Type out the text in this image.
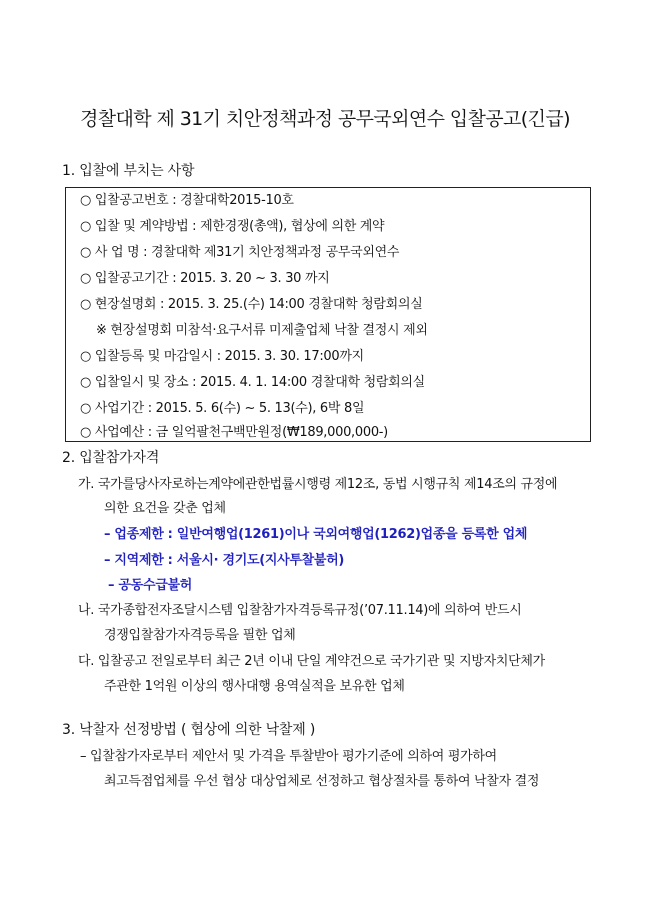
경찰대학 제 31기 치안정책과정 공무국외연수 입찰공고(긴급)
1. 입찰에 부치는 사항
○ 입찰공고번호 : 경찰대학2015-10호
○ 입찰 및 계약방법 : 제한경쟁(총액), 협상에 의한 계약
○ 사 업 명 : 경찰대학 제31기 치안정책과정 공무국외연수
○ 입찰공고기간 : 2015. 3. 20 ~ 3. 30 까지
○ 현장설명회 : 2015. 3. 25.(수) 14:00 경찰대학 청람회의실
※ 현장설명회 미참석·요구서류 미제출업체 낙찰 결정시 제외
○ 입찰등록 및 마감일시 : 2015. 3. 30. 17:00까지
○ 입찰일시 및 장소 : 2015. 4. 1. 14:00 경찰대학 청람회의실
○ 사업기간 : 2015. 5. 6(수) ~ 5. 13(수), 6박 8일
○ 사업예산 : 금 일억팔천구백만원정(₩189,000,000-)
2. 입찰참가자격
가. 국가를당사자로하는계약에관한법률시행령 제12조, 동법 시행규칙 제14조의 규정에
의한 요건을 갖춘 업체
– 업종제한 : 일반여행업(1261)이나 국외여행업(1262)업종을 등록한 업체
– 지역제한 : 서울시· 경기도(지사투찰불허)
– 공동수급불허
나. 국가종합전자조달시스템 입찰참가자격등록규정(’07.11.14)에 의하여 반드시
경쟁입찰참가자격등록을 필한 업체
다. 입찰공고 전일로부터 최근 2년 이내 단일 계약건으로 국가기관 및 지방자치단체가
주관한 1억원 이상의 행사대행 용역실적을 보유한 업체
3. 낙찰자 선정방법 ( 협상에 의한 낙찰제 )
– 입찰참가자로부터 제안서 및 가격을 투찰받아 평가기준에 의하여 평가하여
최고득점업체를 우선 협상 대상업체로 선정하고 협상절차를 통하여 낙찰자 결정
